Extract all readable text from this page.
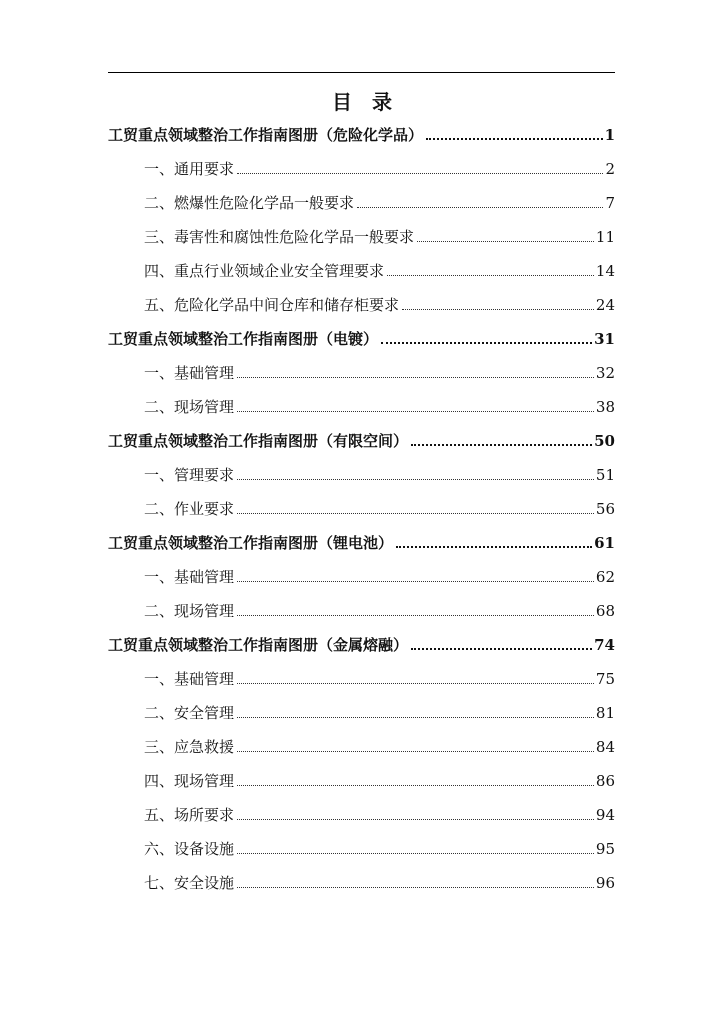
目　录
工贸重点领域整治工作指南图册（危险化学品）	1
一、通用要求	2
二、燃爆性危险化学品一般要求	7
三、毒害性和腐蚀性危险化学品一般要求	11
四、重点行业领域企业安全管理要求	14
五、危险化学品中间仓库和储存柜要求	24
工贸重点领域整治工作指南图册（电镀）	31
一、基础管理	32
二、现场管理	38
工贸重点领域整治工作指南图册（有限空间）	50
一、管理要求	51
二、作业要求	56
工贸重点领域整治工作指南图册（锂电池）	61
一、基础管理	62
二、现场管理	68
工贸重点领域整治工作指南图册（金属熔融）	74
一、基础管理	75
二、安全管理	81
三、应急救援	84
四、现场管理	86
五、场所要求	94
六、设备设施	95
七、安全设施	96
